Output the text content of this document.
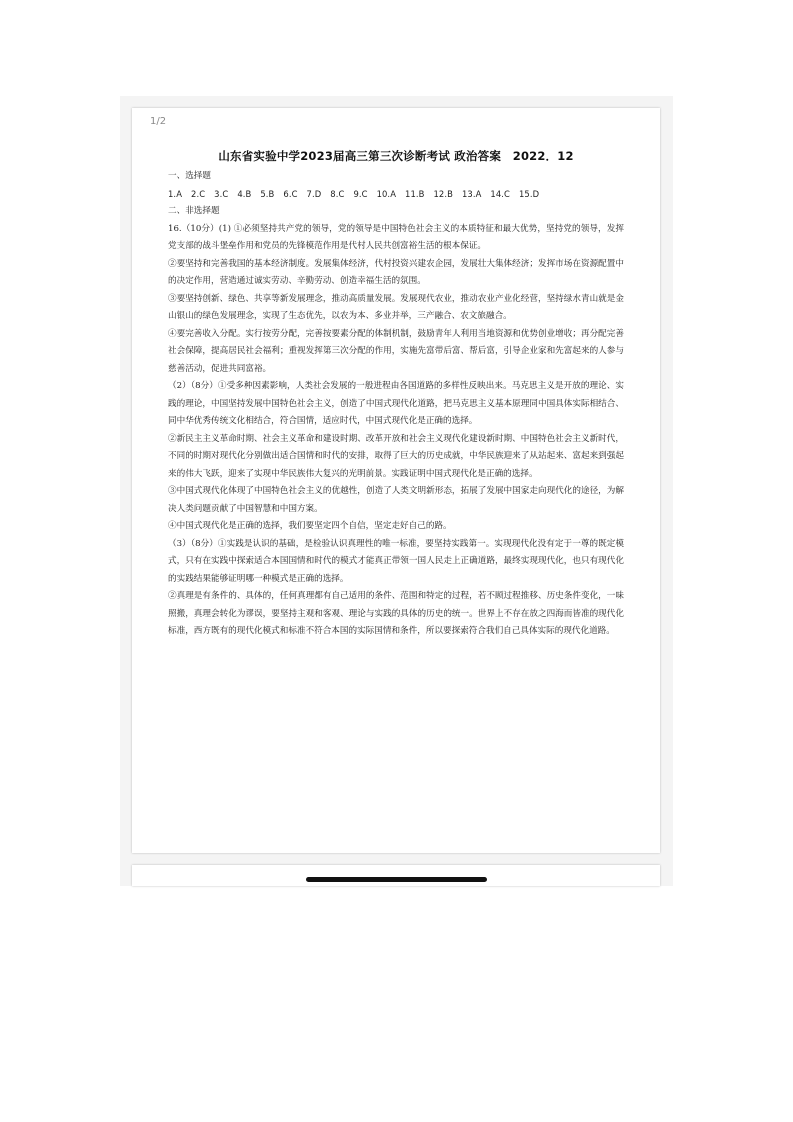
1/2
山东省实验中学2023届高三第三次诊断考试 政治答案　2022．12

一、选择题

1.A 2.C 3.C 4.B 5.B 6.C 7.D 8.C 9.C 10.A 11.B 12.B 13.A 14.C 15.D

二、非选择题

16.（10分）(1) ①必须坚持共产党的领导，党的领导是中国特色社会主义的本质特征和最大优势，坚持党的领导，发挥党支部的战斗堡垒作用和党员的先锋模范作用是代村人民共创富裕生活的根本保证。

②要坚持和完善我国的基本经济制度。发展集体经济，代村投资兴建农企园，发展壮大集体经济；发挥市场在资源配置中的决定作用，营造通过诚实劳动、辛勤劳动、创造幸福生活的氛围。

③要坚持创新、绿色、共享等新发展理念，推动高质量发展。发展现代农业，推动农业产业化经营，坚持绿水青山就是金山银山的绿色发展理念，实现了生态优先，以农为本、多业并举，三产融合、农文旅融合。

④要完善收入分配。实行按劳分配，完善按要素分配的体制机制，鼓励青年人利用当地资源和优势创业增收；再分配完善社会保障，提高居民社会福利；重视发挥第三次分配的作用，实施先富带后富、帮后富，引导企业家和先富起来的人参与慈善活动，促进共同富裕。

（2）（8分）①受多种因素影响，人类社会发展的一般进程由各国道路的多样性反映出来。马克思主义是开放的理论、实践的理论，中国坚持发展中国特色社会主义，创造了中国式现代化道路，把马克思主义基本原理同中国具体实际相结合、同中华优秀传统文化相结合，符合国情，适应时代，中国式现代化是正确的选择。

②新民主主义革命时期、社会主义革命和建设时期、改革开放和社会主义现代化建设新时期、中国特色社会主义新时代，不同的时期对现代化分别做出适合国情和时代的安排，取得了巨大的历史成就，中华民族迎来了从站起来、富起来到强起来的伟大飞跃，迎来了实现中华民族伟大复兴的光明前景。实践证明中国式现代化是正确的选择。

③中国式现代化体现了中国特色社会主义的优越性，创造了人类文明新形态，拓展了发展中国家走向现代化的途径，为解决人类问题贡献了中国智慧和中国方案。

④中国式现代化是正确的选择，我们要坚定四个自信，坚定走好自己的路。

（3）（8分）①实践是认识的基础，是检验认识真理性的唯一标准，要坚持实践第一。实现现代化没有定于一尊的既定模式，只有在实践中探索适合本国国情和时代的模式才能真正带领一国人民走上正确道路，最终实现现代化，也只有现代化的实践结果能够证明哪一种模式是正确的选择。

②真理是有条件的、具体的，任何真理都有自己适用的条件、范围和特定的过程，若不顾过程推移、历史条件变化，一味照搬，真理会转化为谬误，要坚持主观和客观、理论与实践的具体的历史的统一。世界上不存在放之四海而皆准的现代化标准，西方既有的现代化模式和标准不符合本国的实际国情和条件，所以要探索符合我们自己具体实际的现代化道路。
